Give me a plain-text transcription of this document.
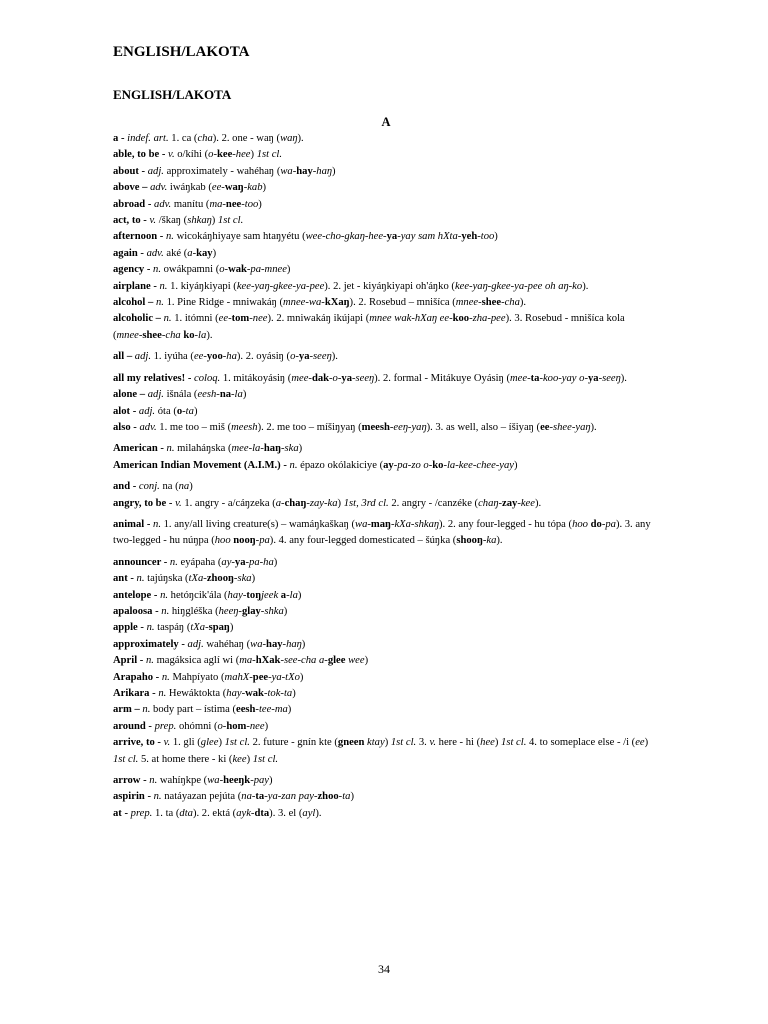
ENGLISH/LAKOTA
ENGLISH/LAKOTA
A

a - indef. art. 1. ca (cha). 2. one - waŋ (waŋ).

able, to be - v. o/kíhi (o-kee-hee) 1st cl.

about - adj. approximately - wahéhaŋ (wa-hay-haŋ)

above – adv. iwáŋkab (ee-waŋ-kab)

abroad - adv. manítu (ma-nee-too)

act, to - v. /škaŋ (shkaŋ) 1st cl.

afternoon - n. wicokáŋhiyaye sam htaŋyétu (wee-cho-gkaŋ-hee-ya-yay sam hXta-yeh-too)

again - adv. aké (a-kay)

agency - n. owákpamni (o-wak-pa-mnee)

airplane - n. 1. kiyáŋkiyapi (kee-yaŋ-gkee-ya-pee). 2. jet - kiyáŋkiyapi oh'áŋko (kee-yaŋ-gkee-ya-pee oh aŋ-ko).

alcohol – n. 1. Pine Ridge - mniwakáŋ (mnee-wa-kXaŋ). 2. Rosebud – mnišíca (mnee-shee-cha).

alcoholic – n. 1. itómni (ee-tom-nee). 2. mniwakáŋ ikújapi (mnee wak-hXaŋ ee-koo-zha-pee). 3. Rosebud - mnišíca kola (mnee-shee-cha ko-la).

all – adj. 1. iyúha (ee-yoo-ha). 2. oyásiŋ (o-ya-seeŋ).

all my relatives! - coloq. 1. mitákoyásiŋ (mee-dak-o-ya-seeŋ). 2. formal - Mitákuye Oyásiŋ (mee-ta-koo-yay o-ya-seeŋ).

alone – adj. išnála (eesh-na-la)

alot - adj. óta (o-ta)

also - adv. 1. me too – miš (meesh). 2. me too – míšiŋyaŋ (meesh-eeŋ-yaŋ). 3. as well, also – íšiyaŋ (ee-shee-yaŋ).

American - n. milaháŋska (mee-la-haŋ-ska)

American Indian Movement (A.I.M.) - n. épazo okólakiciye (ay-pa-zo o-ko-la-kee-chee-yay)

and - conj. na (na)

angry, to be - v. 1. angry - a/cáŋzeka (a-chaŋ-zay-ka) 1st, 3rd cl. 2. angry - /canzéke (chaŋ-zay-kee).

animal - n. 1. any/all living creature(s) – wamáŋkaškaŋ (wa-maŋ-kXa-shkaŋ). 2. any four-legged - hu tópa (hoo do-pa). 3. any two-legged - hu núŋpa (hoo nooŋ-pa). 4. any four-legged domesticated – šúŋka (shooŋ-ka).

announcer - n. eyápaha (ay-ya-pa-ha)

ant - n. tajúŋska (tXa-zhooŋ-ska)

antelope - n. hetóŋcik'ála (hay-toŋjeek a-la)

apaloosa - n. hiŋgléška (heeŋ-glay-shka)

apple - n. taspáŋ (tXa-spaŋ)

approximately - adj. wahéhaŋ (wa-hay-haŋ)

April - n. magáksica aglí wi (ma-hXak-see-cha a-glee wee)

Arapaho - n. Mahpíyato (mahX-pee-ya-tXo)

Arikara - n. Hewáktokta (hay-wak-tok-ta)

arm – n. body part – ístima (eesh-tee-ma)

around - prep. ohómni (o-hom-nee)

arrive, to - v. 1. gli (glee) 1st cl. 2. future - gnín kte (gneen ktay) 1st cl. 3. v. here - hi (hee) 1st cl. 4. to someplace else - /i (ee) 1st cl. 5. at home there - ki (kee) 1st cl.

arrow - n. wahíŋkpe (wa-heeŋk-pay)

aspirin - n. natáyazan pejúta (na-ta-ya-zan pay-zhoo-ta)

at - prep. 1. ta (dta). 2. ektá (ayk-dta). 3. el (ayl).

34
